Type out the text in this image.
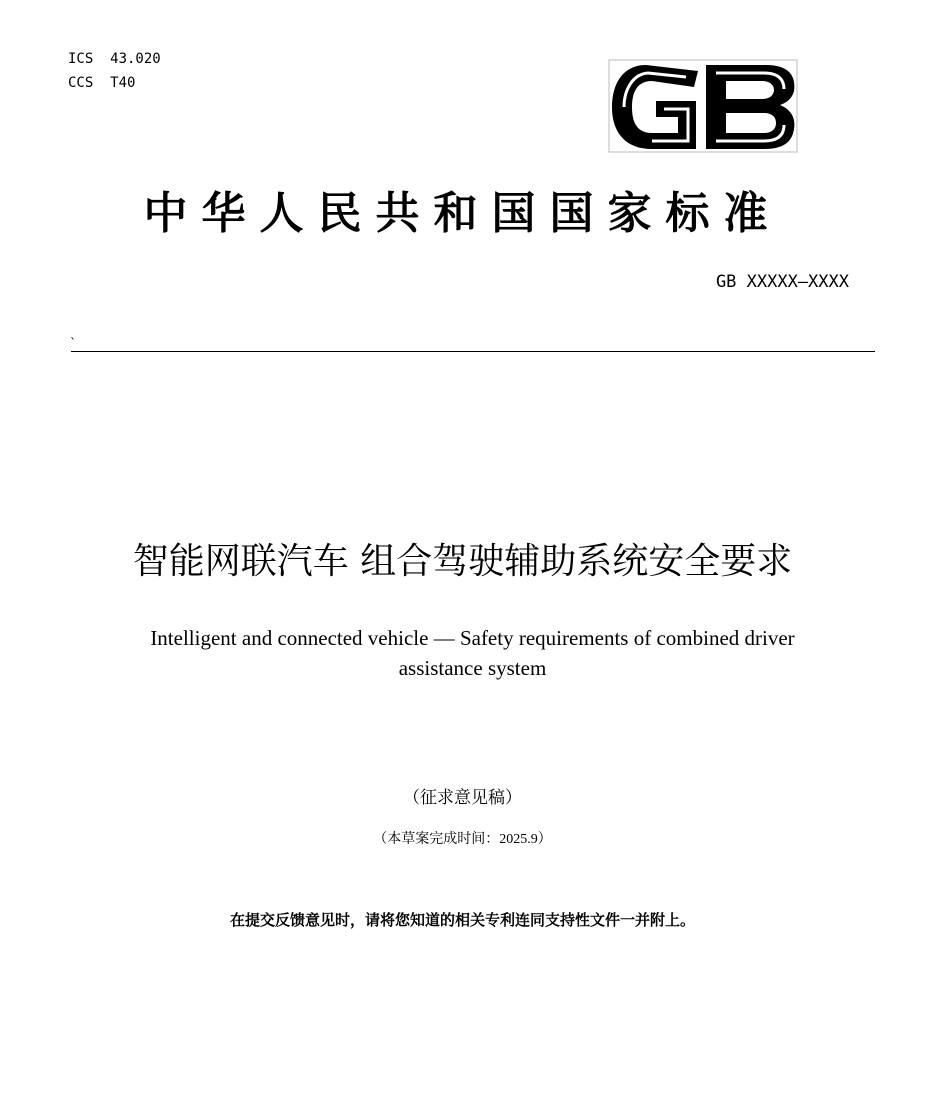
ICS  43.020
CCS  T40
中华人民共和国国家标准
GB XXXXX—XXXX
`
智能网联汽车 组合驾驶辅助系统安全要求
Intelligent and connected vehicle — Safety requirements of combined driver
assistance system
（征求意见稿）
（本草案完成时间：2025.9）
在提交反馈意见时，请将您知道的相关专利连同支持性文件一并附上。
